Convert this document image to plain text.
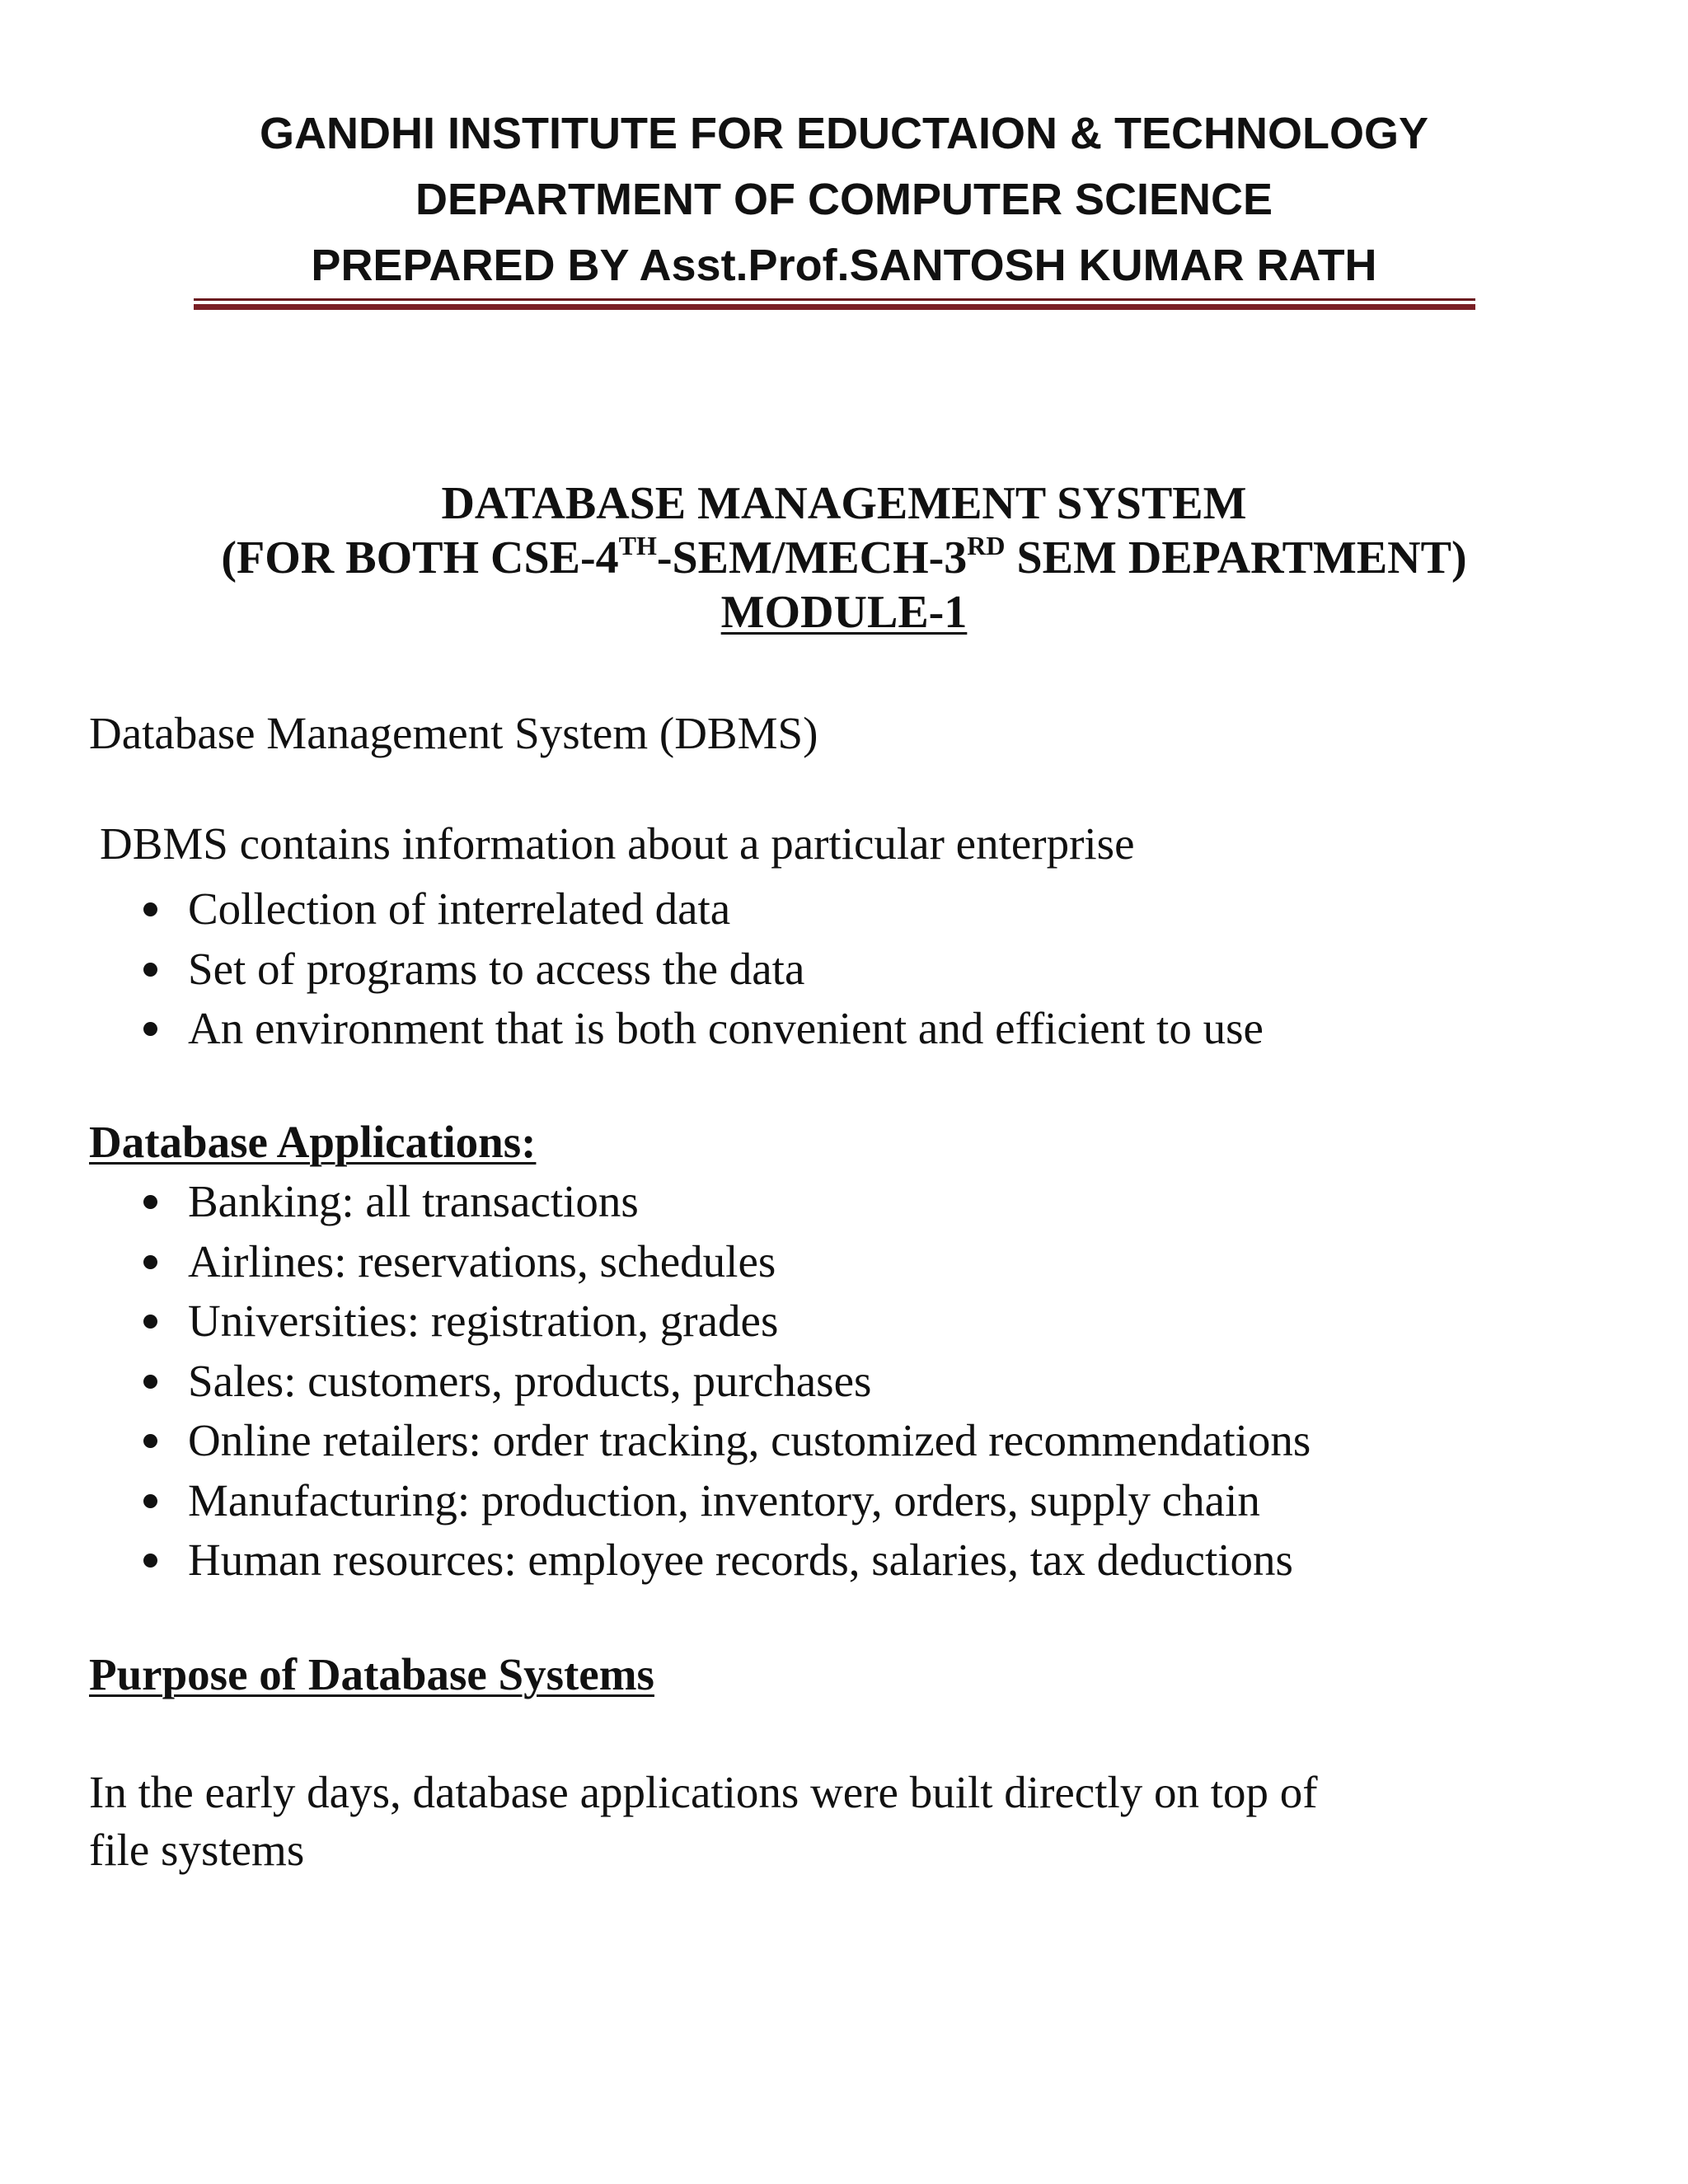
GANDHI INSTITUTE FOR EDUCTAION & TECHNOLOGY
DEPARTMENT OF COMPUTER SCIENCE
PREPARED BY Asst.Prof.SANTOSH KUMAR RATH
DATABASE MANAGEMENT SYSTEM
(FOR BOTH CSE-4TH-SEM/MECH-3RD SEM DEPARTMENT)
MODULE-1
Database Management System (DBMS)
DBMS contains information about a particular enterprise
Collection of interrelated data
Set of programs to access the data
An environment that is both convenient and efficient to use
Database Applications:
Banking: all transactions
Airlines: reservations, schedules
Universities: registration, grades
Sales: customers, products, purchases
Online retailers: order tracking, customized recommendations
Manufacturing: production, inventory, orders, supply chain
Human resources: employee records, salaries, tax deductions
Purpose of Database Systems
In the early days, database applications were built directly on top of
file systems
